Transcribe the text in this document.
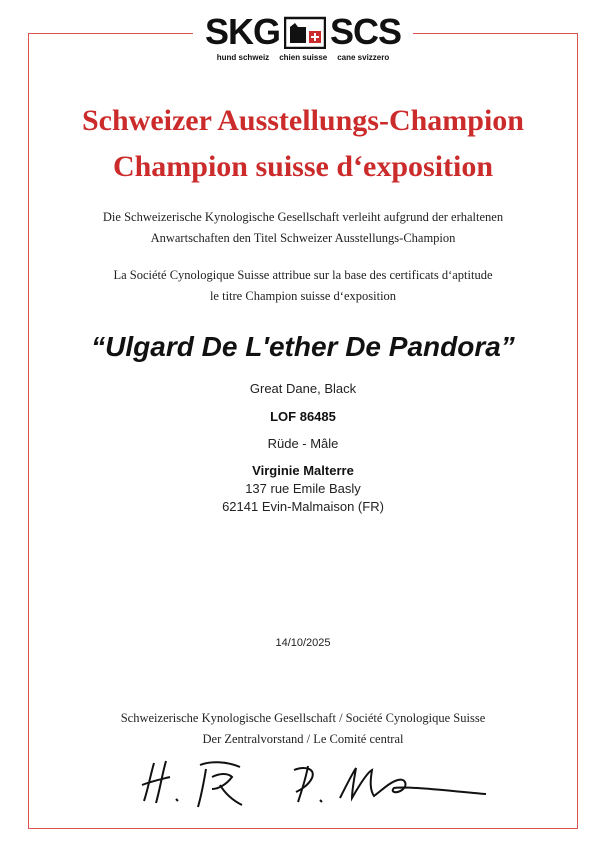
SKG SCS
hund schweiz chien suisse cane svizzero
Schweizer Ausstellungs-Champion
Champion suisse d‘exposition
Die Schweizerische Kynologische Gesellschaft verleiht aufgrund der erhaltenen
Anwartschaften den Titel Schweizer Ausstellungs-Champion
La Société Cynologique Suisse attribue sur la base des certificats d‘aptitude
le titre Champion suisse d‘exposition
“Ulgard De L'ether De Pandora”
Great Dane, Black
LOF 86485
Rüde - Mâle
Virginie Malterre
137 rue Emile Basly
62141 Evin-Malmaison (FR)
14/10/2025
Schweizerische Kynologische Gesellschaft / Société Cynologique Suisse
Der Zentralvorstand / Le Comité central
